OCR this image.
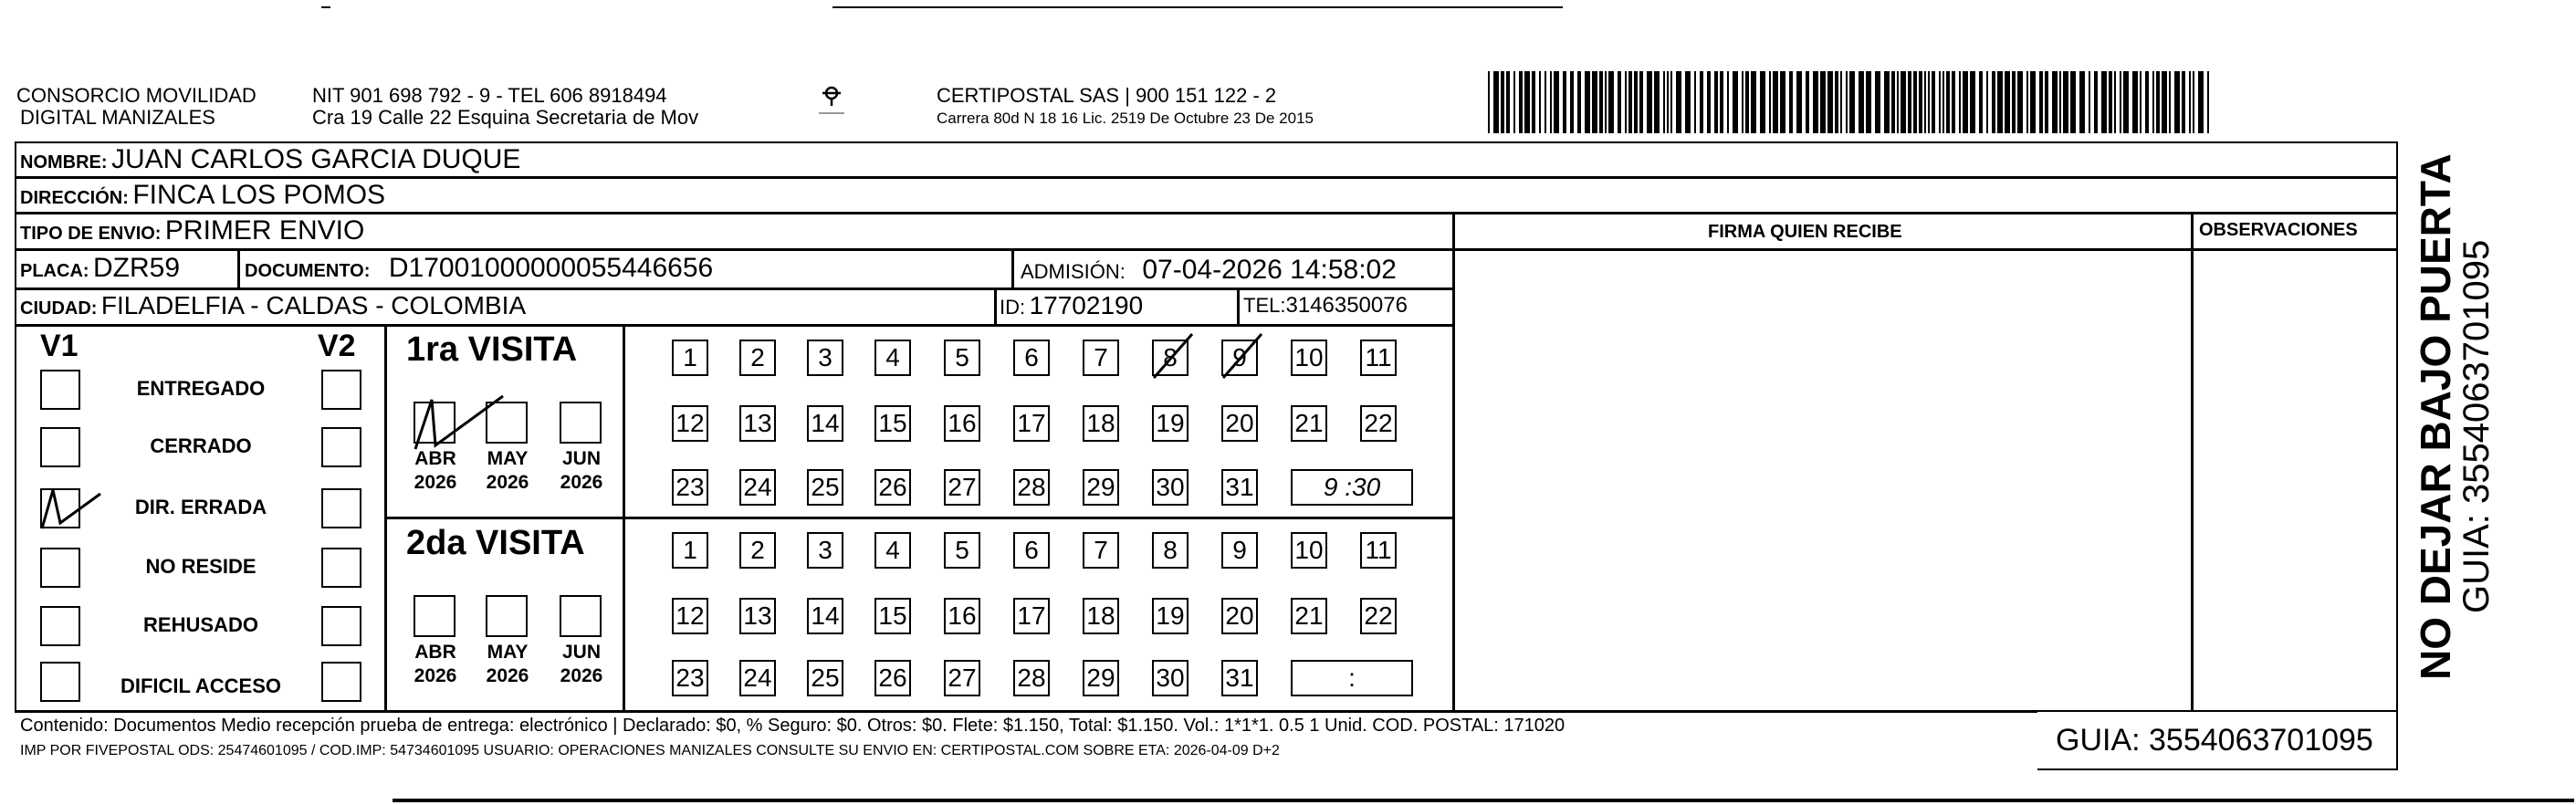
CONSORCIO MOVILIDAD
DIGITAL MANIZALES
NIT 901 698 792 - 9 - TEL 606 8918494
Cra 19 Calle 22 Esquina Secretaria de Mov
CERTIPOSTAL SAS | 900 151 122 - 2
Carrera 80d N 18 16 Lic. 2519 De Octubre 23 De 2015
NOMBRE: JUAN CARLOS GARCIA DUQUE
DIRECCIÓN: FINCA LOS POMOS
TIPO DE ENVIO: PRIMER ENVIO	FIRMA QUIEN RECIBE	OBSERVACIONES
PLACA: DZR59	DOCUMENTO: D17001000000055446656	ADMISIÓN: 07-04-2026 14:58:02
CIUDAD: FILADELFIA - CALDAS - COLOMBIA	ID: 17702190	TEL:3146350076
V1	V2
ENTREGADO
CERRADO
DIR. ERRADA
NO RESIDE
REHUSADO
DIFICIL ACCESO
1ra VISITA
2da VISITA
ABR
2026
MAY
2026
JUN
2026
ABR
2026
MAY
2026
JUN
2026
1	2	3	4	5	6	7	8	9	10 11
12 13 14 15 16 17 18 19 20 21 22
23 24 25 26 27 28 29 30 31	9 :30
1	2	3	4	5	6	7	8	9	10 11
12 13 14 15 16 17 18 19 20 21 22
23 24 25 26 27 28 29 30 31	:
Contenido: Documentos Medio recepción prueba de entrega: electrónico | Declarado: $0, % Seguro: $0. Otros: $0. Flete: $1.150, Total: $1.150. Vol.: 1*1*1. 0.5 1 Unid. COD. POSTAL: 171020
IMP POR FIVEPOSTAL ODS: 25474601095 / COD.IMP: 54734601095 USUARIO: OPERACIONES MANIZALES CONSULTE SU ENVIO EN: CERTIPOSTAL.COM SOBRE ETA: 2026-04-09 D+2	GUIA: 3554063701095
NO DEJAR BAJO PUERTA
GUIA: 3554063701095
